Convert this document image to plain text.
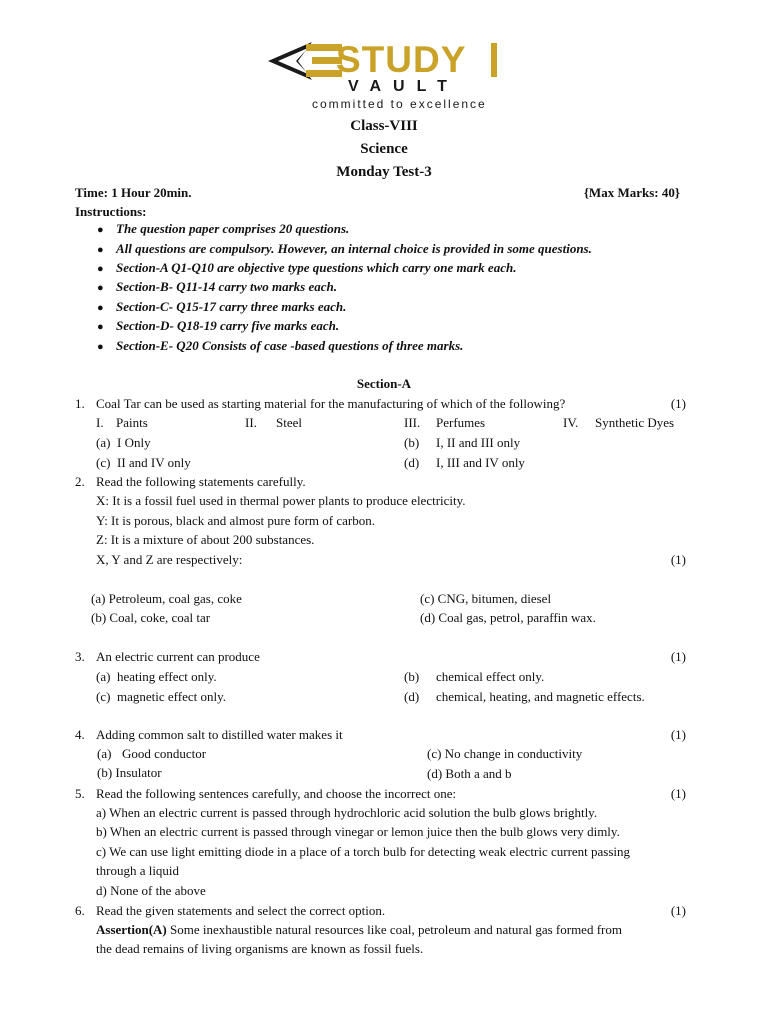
STUDY
VAULT
committed to excellence
Class-VIII
Science
Monday Test-3
Time: 1 Hour 20min.	{Max Marks: 40}
Instructions:
● The question paper comprises 20 questions.
● All questions are compulsory. However, an internal choice is provided in some questions.
● Section-A Q1-Q10 are objective type questions which carry one mark each.
● Section-B- Q11-14 carry two marks each.
● Section-C- Q15-17 carry three marks each.
● Section-D- Q18-19 carry five marks each.
● Section-E- Q20 Consists of case -based questions of three marks.
Section-A
1. Coal Tar can be used as starting material for the manufacturing of which of the following?	(1)
I. Paints	II. Steel	III. Perfumes	IV. Synthetic Dyes
(a) I Only	(b) I, II and III only
(c) II and IV only	(d) I, III and IV only
2. Read the following statements carefully.
X: It is a fossil fuel used in thermal power plants to produce electricity.
Y: It is porous, black and almost pure form of carbon.
Z: It is a mixture of about 200 substances.
X, Y and Z are respectively:	(1)
(a) Petroleum, coal gas, coke	(c) CNG, bitumen, diesel
(b) Coal, coke, coal tar	(d) Coal gas, petrol, paraffin wax.
3. An electric current can produce	(1)
(a) heating effect only.	(b) chemical effect only.
(c) magnetic effect only.	(d) chemical, heating, and magnetic effects.
4. Adding common salt to distilled water makes it	(1)
(a) Good conductor	(c) No change in conductivity
(b) Insulator	(d) Both a and b
5. Read the following sentences carefully, and choose the incorrect one:	(1)
a) When an electric current is passed through hydrochloric acid solution the bulb glows brightly.
b) When an electric current is passed through vinegar or lemon juice then the bulb glows very dimly.
c) We can use light emitting diode in a place of a torch bulb for detecting weak electric current passing
through a liquid
d) None of the above
6. Read the given statements and select the correct option.	(1)
Assertion(A) Some inexhaustible natural resources like coal, petroleum and natural gas formed from
the dead remains of living organisms are known as fossil fuels.
